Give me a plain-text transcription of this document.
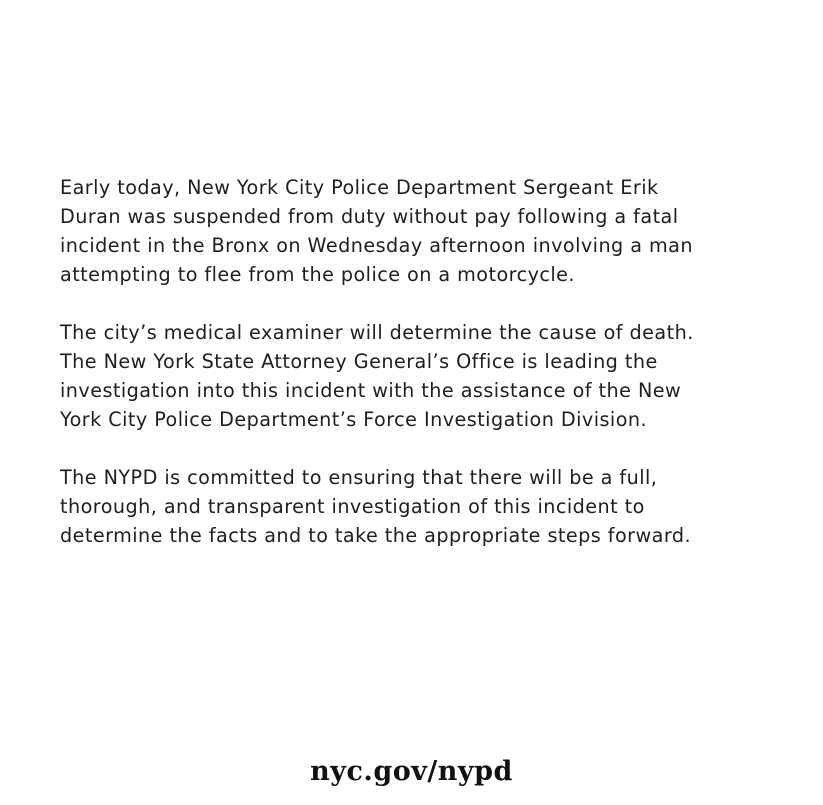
Early today, New York City Police Department Sergeant Erik
Duran was suspended from duty without pay following a fatal
incident in the Bronx on Wednesday afternoon involving a man
attempting to flee from the police on a motorcycle.
The city’s medical examiner will determine the cause of death.
The New York State Attorney General’s Office is leading the
investigation into this incident with the assistance of the New
York City Police Department’s Force Investigation Division.
The NYPD is committed to ensuring that there will be a full,
thorough, and transparent investigation of this incident to
determine the facts and to take the appropriate steps forward.
nyc.gov/nypd
